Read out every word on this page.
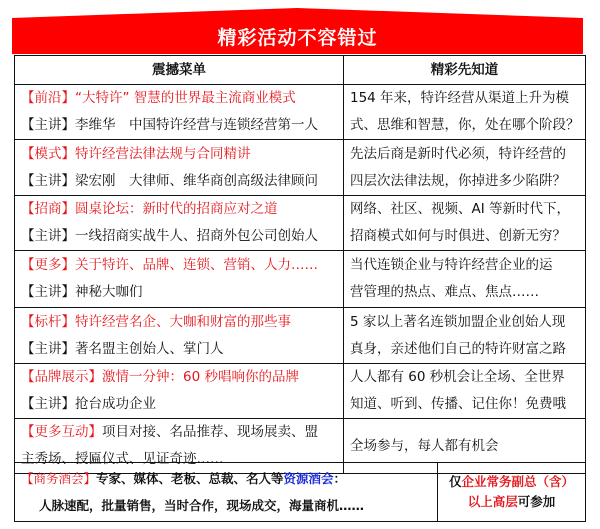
精彩活动不容错过
震撼菜单	精彩先知道

【前沿】“大特许” 智慧的世界最主流商业模式
【主讲】李维华　中国特许经营与连锁经营第一人	154 年来，特许经营从渠道上升为模
式、思维和智慧，你，处在哪个阶段？

【模式】特许经营法律法规与合同精讲
【主讲】梁宏刚　大律师、维华商创高级法律顾问	先法后商是新时代必须，特许经营的
四层次法律法规，你掉进多少陷阱？

【招商】圆桌论坛：新时代的招商应对之道
【主讲】一线招商实战牛人、招商外包公司创始人	网络、社区、视频、AI 等新时代下，
招商模式如何与时俱进、创新无穷？

【更多】关于特许、品牌、连锁、营销、人力……
【主讲】神秘大咖们	当代连锁企业与特许经营企业的运
营管理的热点、难点、焦点……

【标杆】特许经营名企、大咖和财富的那些事
【主讲】著名盟主创始人、掌门人	5 家以上著名连锁加盟企业创始人现
真身，亲述他们自己的特许财富之路

【品牌展示】激情一分钟：60 秒唱响你的品牌
【主讲】抢台成功企业	人人都有 60 秒机会让全场、全世界
知道、听到、传播、记住你！免费哦

【更多互动】项目对接、名品推荐、现场展卖、盟
主秀场、授匾仪式、见证奇迹……	全场参与，每人都有机会
【商务酒会】专家、媒体、老板、总裁、名人等资源酒会：
人脉速配，批量销售，当时合作，现场成交，海量商机……
	仅企业常务副总（含）
以上高层可参加
